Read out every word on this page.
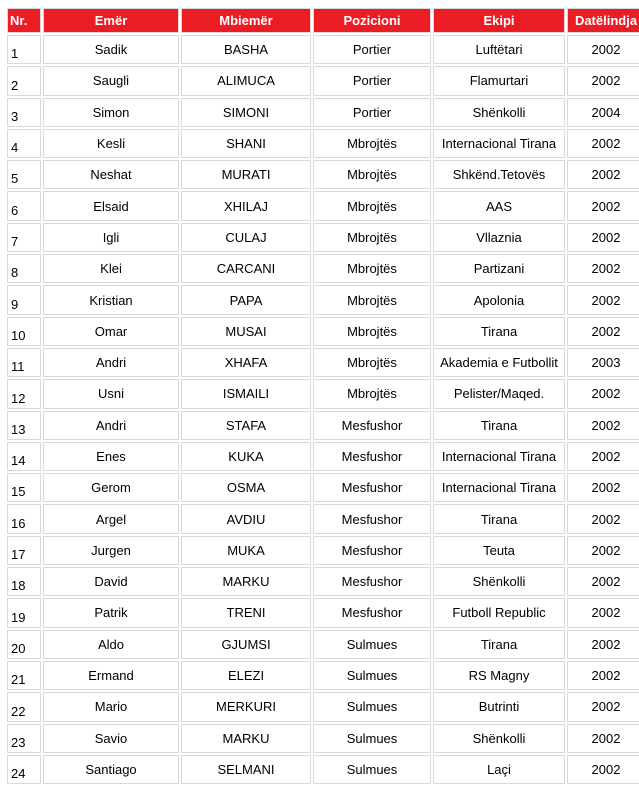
Nr.	Emër	Mbiemër	Pozicioni	Ekipi	Datëlindja
1	Sadik	BASHA	Portier	Luftëtari	2002
2	Saugli	ALIMUCA	Portier	Flamurtari	2002
3	Simon	SIMONI	Portier	Shënkolli	2004
4	Kesli	SHANI	Mbrojtës	Internacional Tirana	2002
5	Neshat	MURATI	Mbrojtës	Shkënd.Tetovës	2002
6	Elsaid	XHILAJ	Mbrojtës	AAS	2002
7	Igli	CULAJ	Mbrojtës	Vllaznia	2002
8	Klei	CARCANI	Mbrojtës	Partizani	2002
9	Kristian	PAPA	Mbrojtës	Apolonia	2002
10	Omar	MUSAI	Mbrojtës	Tirana	2002
11	Andri	XHAFA	Mbrojtës	Akademia e Futbollit	2003
12	Usni	ISMAILI	Mbrojtës	Pelister/Maqed.	2002
13	Andri	STAFA	Mesfushor	Tirana	2002
14	Enes	KUKA	Mesfushor	Internacional Tirana	2002
15	Gerom	OSMA	Mesfushor	Internacional Tirana	2002
16	Argel	AVDIU	Mesfushor	Tirana	2002
17	Jurgen	MUKA	Mesfushor	Teuta	2002
18	David	MARKU	Mesfushor	Shënkolli	2002
19	Patrik	TRENI	Mesfushor	Futboll Republic	2002
20	Aldo	GJUMSI	Sulmues	Tirana	2002
21	Ermand	ELEZI	Sulmues	RS Magny	2002
22	Mario	MERKURI	Sulmues	Butrinti	2002
23	Savio	MARKU	Sulmues	Shënkolli	2002
24	Santiago	SELMANI	Sulmues	Laçi	2002
